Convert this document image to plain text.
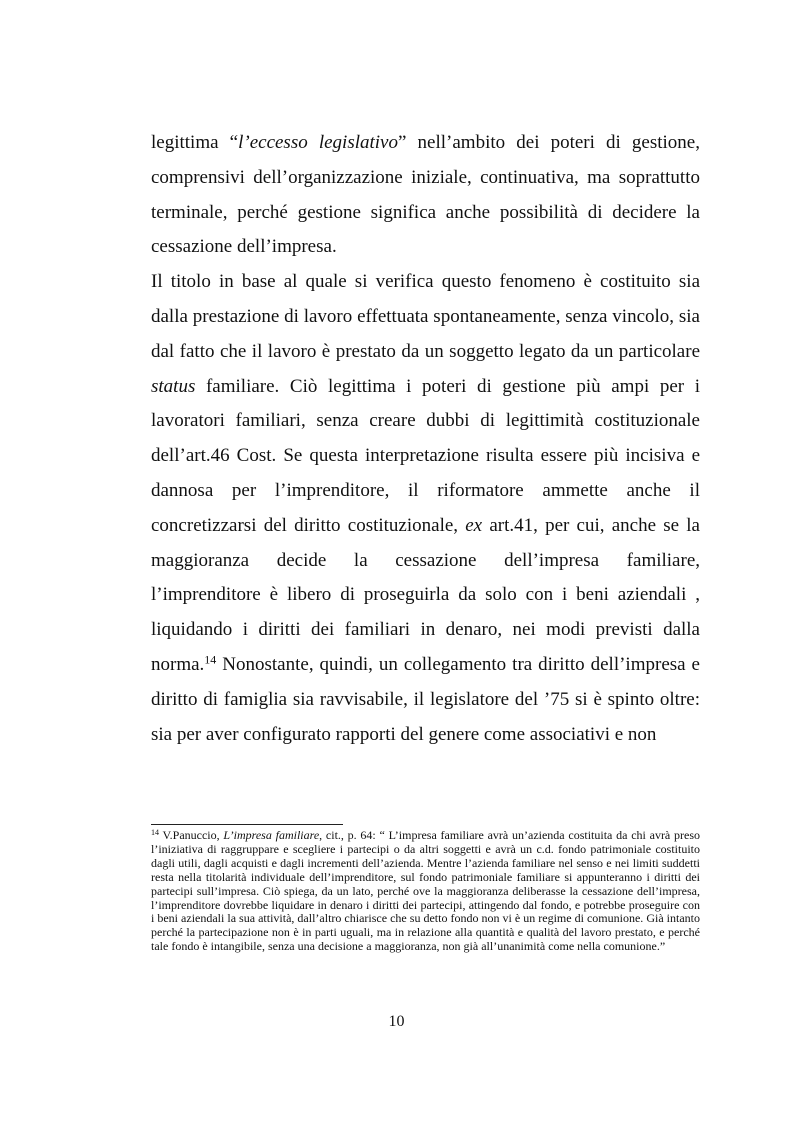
legittima “l’eccesso legislativo” nell’ambito dei poteri di gestione, comprensivi dell’organizzazione iniziale, continuativa, ma soprattutto terminale, perché gestione significa anche possibilità di decidere la cessazione dell’impresa.

Il titolo in base al quale si verifica questo fenomeno è costituito sia dalla prestazione di lavoro effettuata spontaneamente, senza vincolo, sia dal fatto che il lavoro è prestato da un soggetto legato da un particolare status familiare. Ciò legittima i poteri di gestione più ampi per i lavoratori familiari, senza creare dubbi di legittimità costituzionale dell’art.46 Cost. Se questa interpretazione risulta essere più incisiva e dannosa per l’imprenditore, il riformatore ammette anche il concretizzarsi del diritto costituzionale, ex art.41, per cui, anche se la maggioranza decide la cessazione dell’impresa familiare, l’imprenditore è libero di proseguirla da solo con i beni aziendali , liquidando i diritti dei familiari in denaro, nei modi previsti dalla norma.$^{14}$ Nonostante, quindi, un collegamento tra diritto dell’impresa e diritto di famiglia sia ravvisabile, il legislatore del ’75 si è spinto oltre: sia per aver configurato rapporti del genere come associativi e non

$^{14}$ V.Panuccio, L’impresa familiare, cit., p. 64: “ L’impresa familiare avrà un’azienda costituita da chi avrà preso l’iniziativa di raggruppare e scegliere i partecipi o da altri soggetti e avrà un c.d. fondo patrimoniale costituito dagli utili, dagli acquisti e dagli incrementi dell’azienda. Mentre l’azienda familiare nel senso e nei limiti suddetti resta nella titolarità individuale dell’imprenditore, sul fondo patrimoniale familiare si appunteranno i diritti dei partecipi sull’impresa. Ciò spiega, da un lato, perché ove la maggioranza deliberasse la cessazione dell’impresa, l’imprenditore dovrebbe liquidare in denaro i diritti dei partecipi, attingendo dal fondo, e potrebbe proseguire con i beni aziendali la sua attività, dall’altro chiarisce che su detto fondo non vi è un regime di comunione. Già intanto perché la partecipazione non è in parti uguali, ma in relazione alla quantità e qualità del lavoro prestato, e perché tale fondo è intangibile, senza una decisione a maggioranza, non già all’unanimità come nella comunione.”
10
